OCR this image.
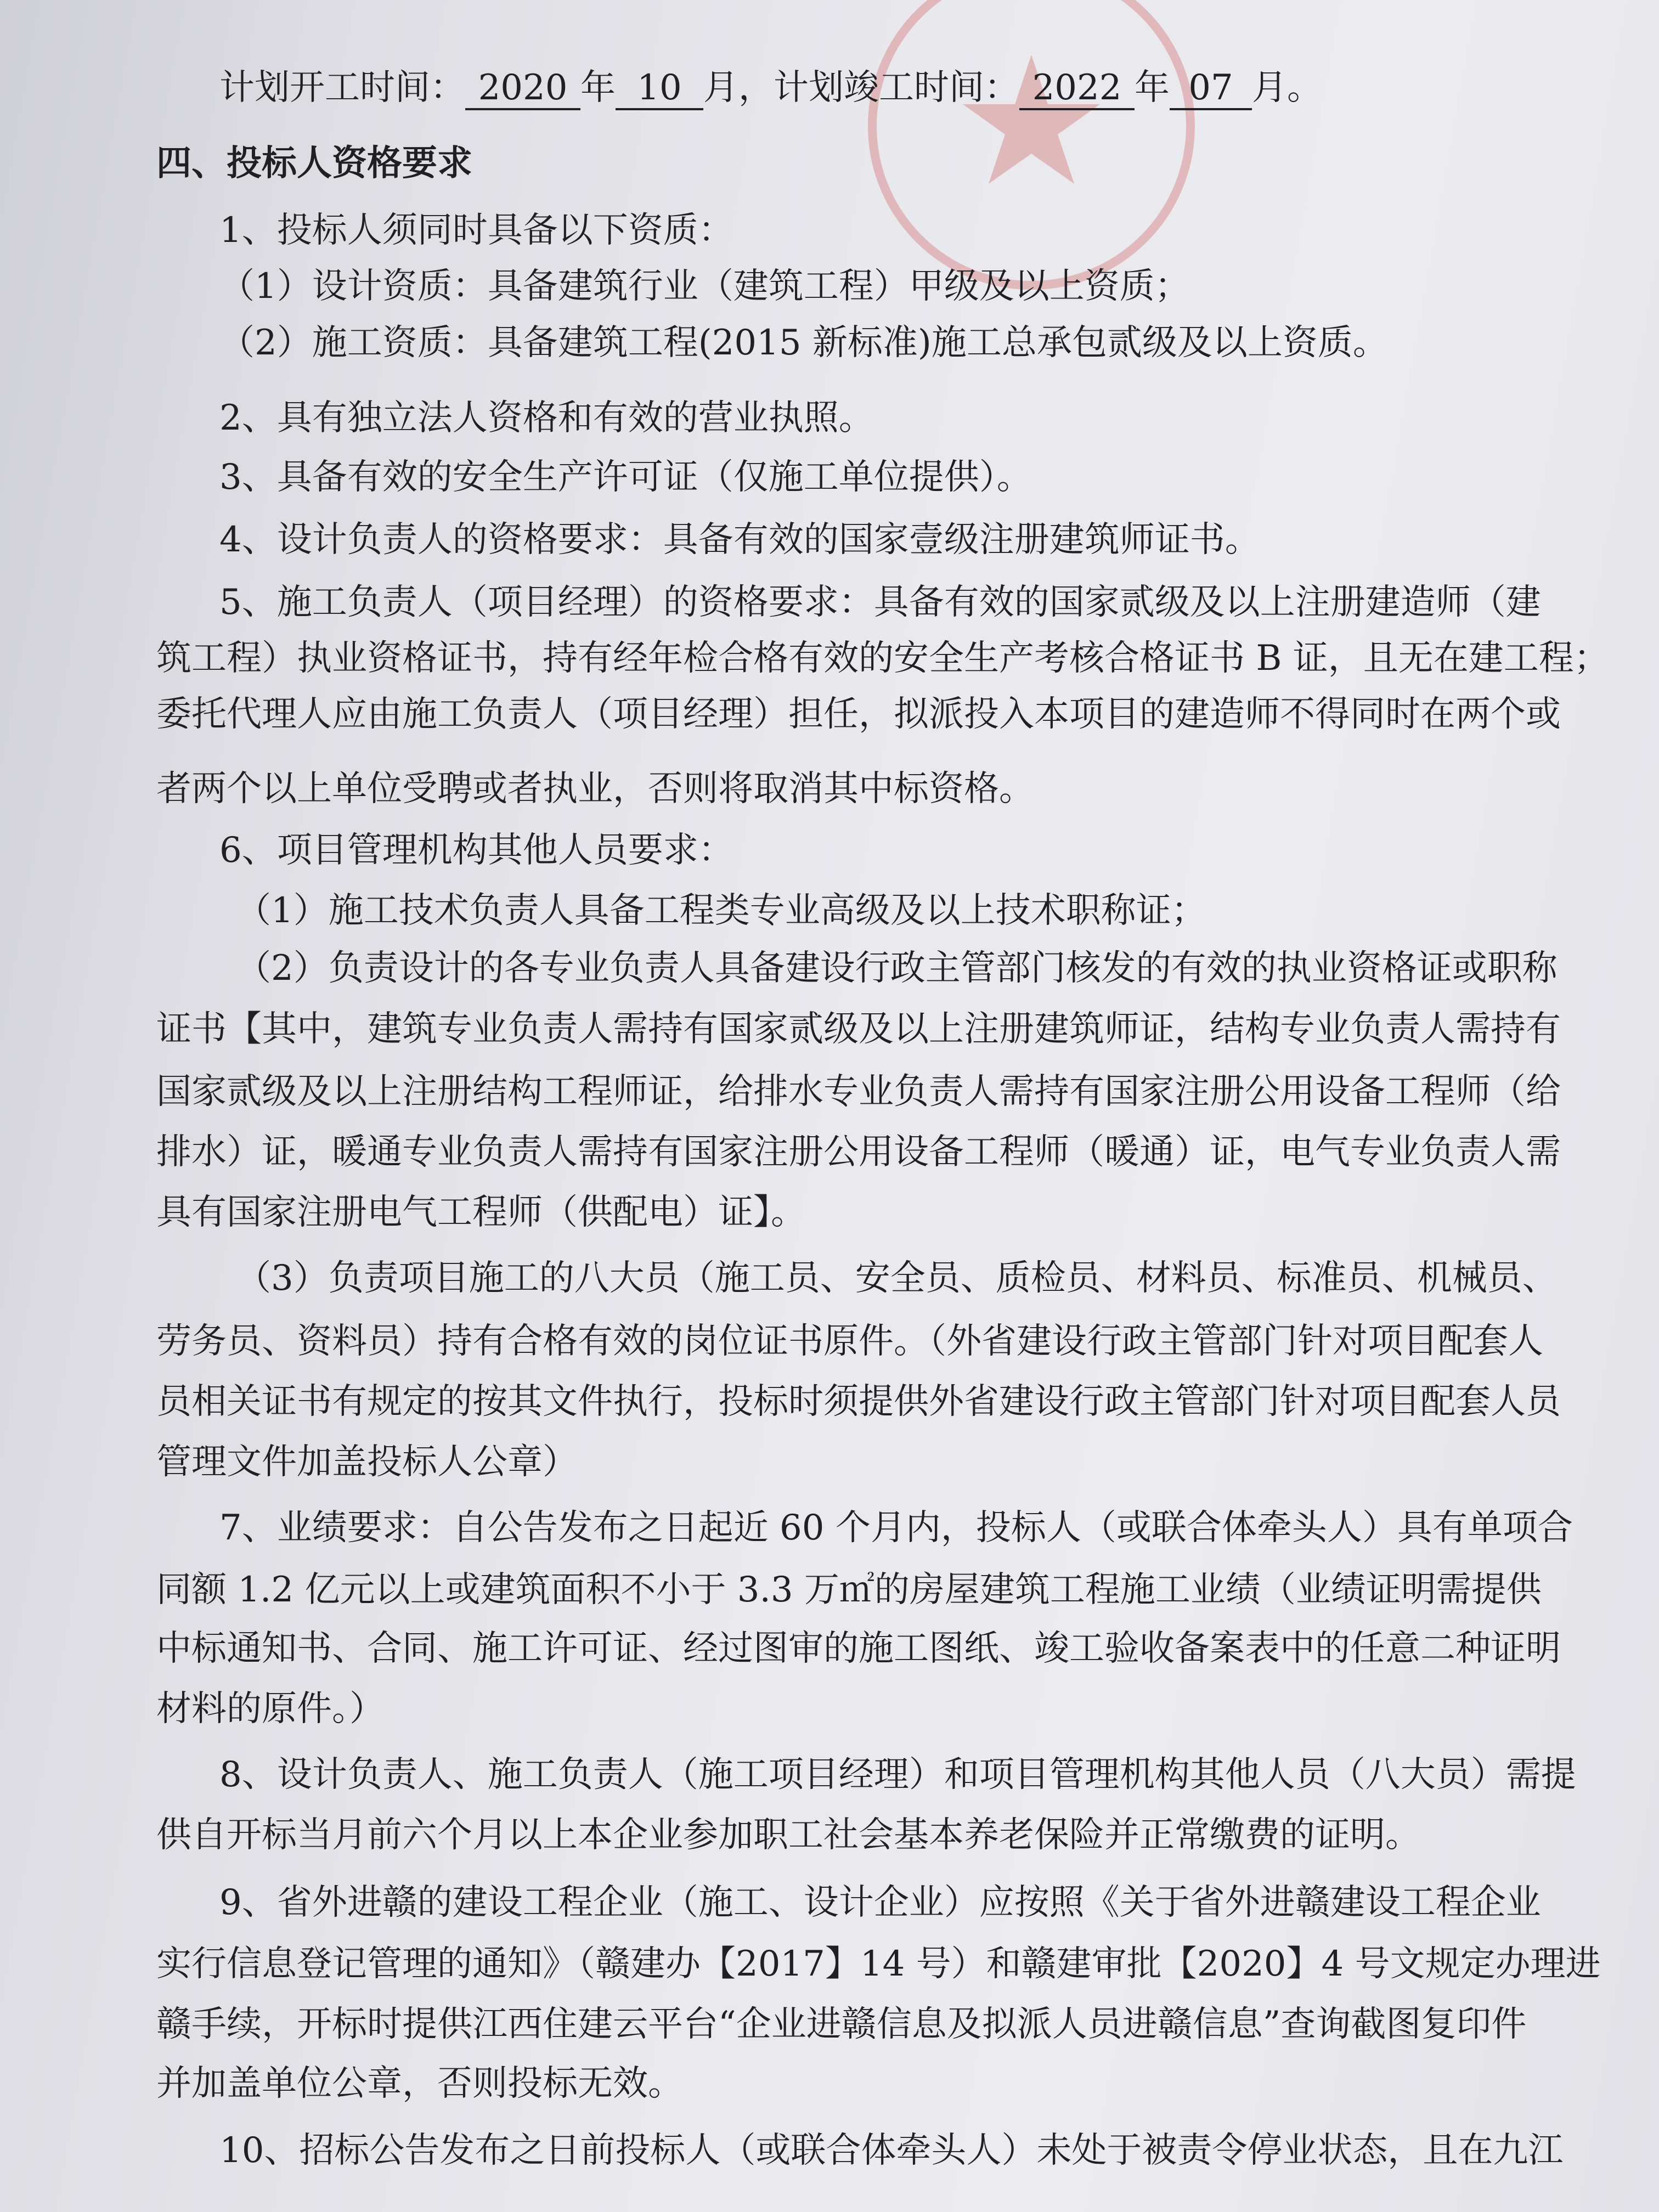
计划开工时间： 2020 年 10 月，计划竣工时间： 2022 年 07 月。
四、投标人资格要求
1、投标人须同时具备以下资质：
（1）设计资质：具备建筑行业（建筑工程）甲级及以上资质；
（2）施工资质：具备建筑工程(2015 新标准)施工总承包贰级及以上资质。
2、具有独立法人资格和有效的营业执照。
3、具备有效的安全生产许可证（仅施工单位提供）。
4、设计负责人的资格要求：具备有效的国家壹级注册建筑师证书。
5、施工负责人（项目经理）的资格要求：具备有效的国家贰级及以上注册建造师（建
筑工程）执业资格证书，持有经年检合格有效的安全生产考核合格证书 B 证，且无在建工程；
委托代理人应由施工负责人（项目经理）担任，拟派投入本项目的建造师不得同时在两个或
者两个以上单位受聘或者执业，否则将取消其中标资格。
6、项目管理机构其他人员要求：
（1）施工技术负责人具备工程类专业高级及以上技术职称证；
（2）负责设计的各专业负责人具备建设行政主管部门核发的有效的执业资格证或职称
证书【其中，建筑专业负责人需持有国家贰级及以上注册建筑师证，结构专业负责人需持有
国家贰级及以上注册结构工程师证，给排水专业负责人需持有国家注册公用设备工程师（给
排水）证，暖通专业负责人需持有国家注册公用设备工程师（暖通）证，电气专业负责人需
具有国家注册电气工程师（供配电）证】。
（3）负责项目施工的八大员（施工员、安全员、质检员、材料员、标准员、机械员、
劳务员、资料员）持有合格有效的岗位证书原件。（外省建设行政主管部门针对项目配套人
员相关证书有规定的按其文件执行，投标时须提供外省建设行政主管部门针对项目配套人员
管理文件加盖投标人公章）
7、业绩要求：自公告发布之日起近 60 个月内，投标人（或联合体牵头人）具有单项合
同额 1.2 亿元以上或建筑面积不小于 3.3 万㎡的房屋建筑工程施工业绩（业绩证明需提供
中标通知书、合同、施工许可证、经过图审的施工图纸、竣工验收备案表中的任意二种证明
材料的原件。）
8、设计负责人、施工负责人（施工项目经理）和项目管理机构其他人员（八大员）需提
供自开标当月前六个月以上本企业参加职工社会基本养老保险并正常缴费的证明。
9、省外进赣的建设工程企业（施工、设计企业）应按照《关于省外进赣建设工程企业
实行信息登记管理的通知》（赣建办【2017】14 号）和赣建审批【2020】4 号文规定办理进
赣手续，开标时提供江西住建云平台“企业进赣信息及拟派人员进赣信息”查询截图复印件
并加盖单位公章，否则投标无效。
10、招标公告发布之日前投标人（或联合体牵头人）未处于被责令停业状态，且在九江
